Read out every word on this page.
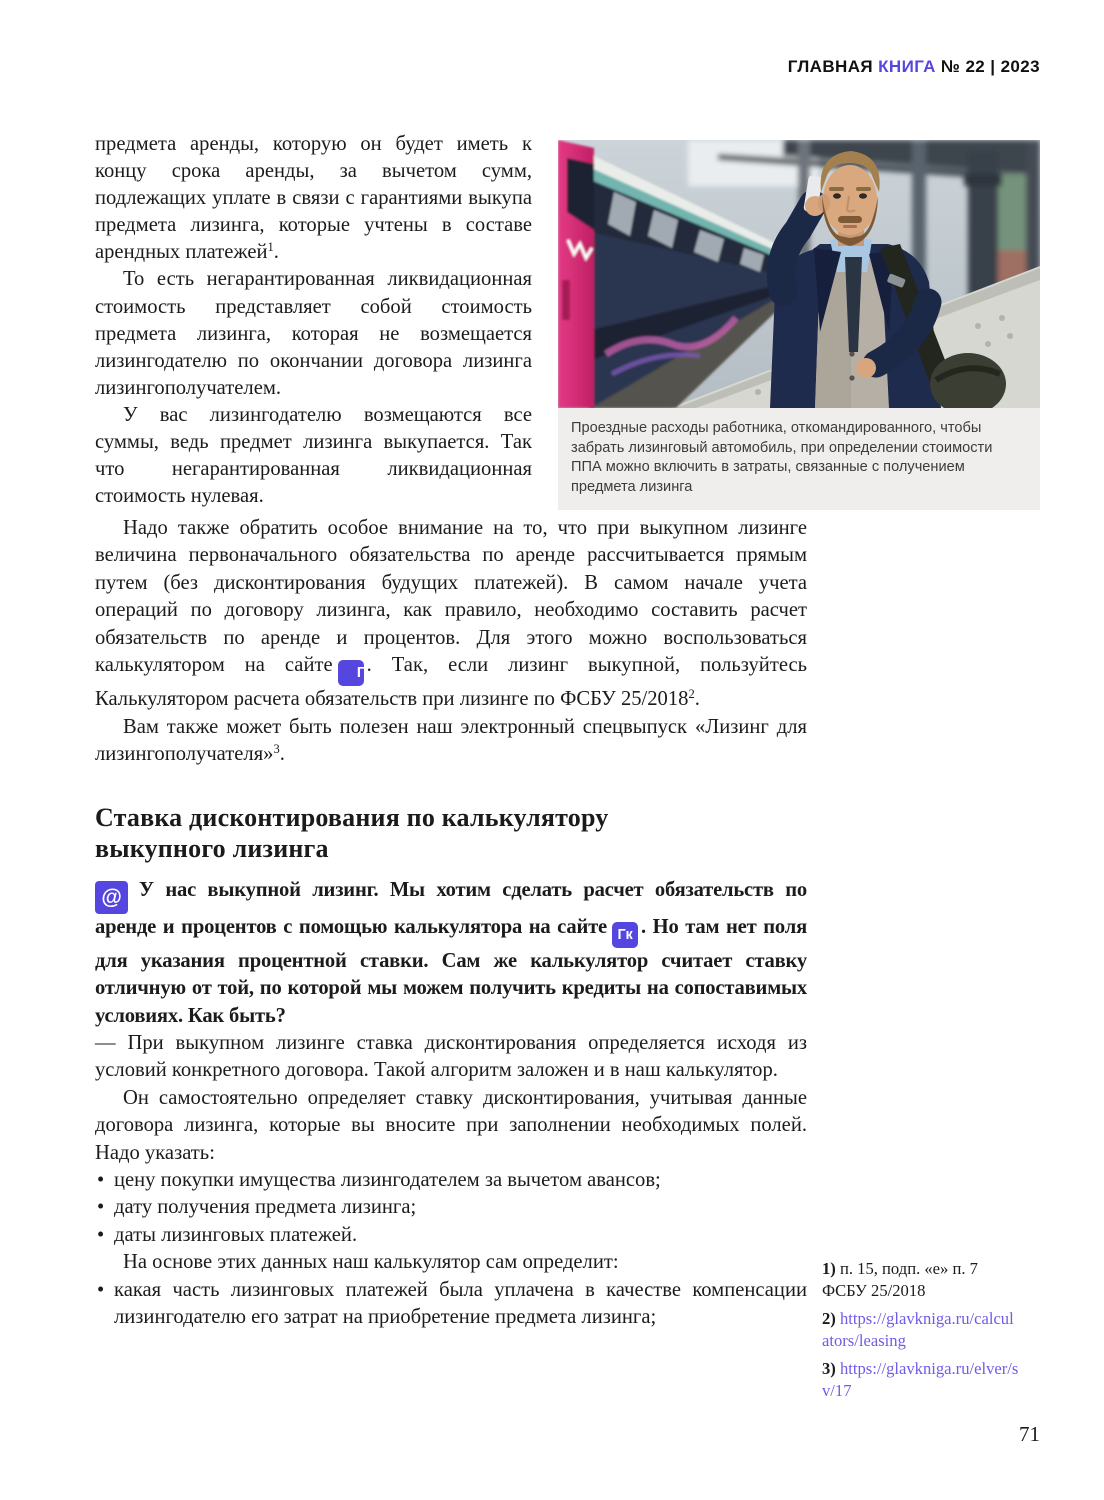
ГЛАВНАЯ КНИГА № 22 | 2023

предмета аренды, которую он будет иметь к концу срока аренды, за вычетом сумм, подлежащих уплате в связи с гарантиями выкупа предмета лизинга, которые учтены в составе арендных платежей$^1$.

То есть негарантированная ликвидационная стоимость представляет собой стоимость предмета лизинга, которая не возмещается лизингодателю по окончании договора лизинга лизингополучателем.

У вас лизингодателю возмещаются все суммы, ведь предмет лизинга выкупается. Так что негарантированная ликвидационная стоимость нулевая.

Проездные расходы работника, откомандированного, чтобы забрать лизинговый автомобиль, при определении стоимости ППА можно включить в затраты, связанные с получением предмета лизинга

Надо также обратить особое внимание на то, что при выкупном лизинге величина первоначального обязательства по аренде рассчитывается прямым путем (без дисконтирования будущих платежей). В самом начале учета операций по договору лизинга, как правило, необходимо составить расчет обязательств по аренде и процентов. Для этого можно воспользоваться калькулятором на сайте Гк. Так, если лизинг выкупной, пользуйтесь Калькулятором расчета обязательств при лизинге по ФСБУ 25/2018$^2$.

Вам также может быть полезен наш электронный спецвыпуск «Лизинг для лизингополучателя»$^3$.

Ставка дисконтирования по калькулятору
выкупного лизинга

@ У нас выкупной лизинг. Мы хотим сделать расчет обязательств по аренде и процентов с помощью калькулятора на сайте Гк . Но там нет поля для указания процентной ставки. Сам же калькулятор считает ставку отличную от той, по которой мы можем получить кредиты на сопоставимых условиях. Как быть?

— При выкупном лизинге ставка дисконтирования определяется исходя из условий конкретного договора. Такой алгоритм заложен и в наш калькулятор.

Он самостоятельно определяет ставку дисконтирования, учитывая данные договора лизинга, которые вы вносите при заполнении необходимых полей. Надо указать:

• цену покупки имущества лизингодателем за вычетом авансов;

• дату получения предмета лизинга;

• даты лизинговых платежей.

На основе этих данных наш калькулятор сам определит:

• какая часть лизинговых платежей была уплачена в качестве компенсации лизингодателю его затрат на приобретение предмета лизинга;

1) п. 15, подп. «е» п. 7 ФСБУ 25/2018

2) https://glavkniga.ru/calculators/leasing

3) https://glavkniga.ru/elver/sv/17

71
